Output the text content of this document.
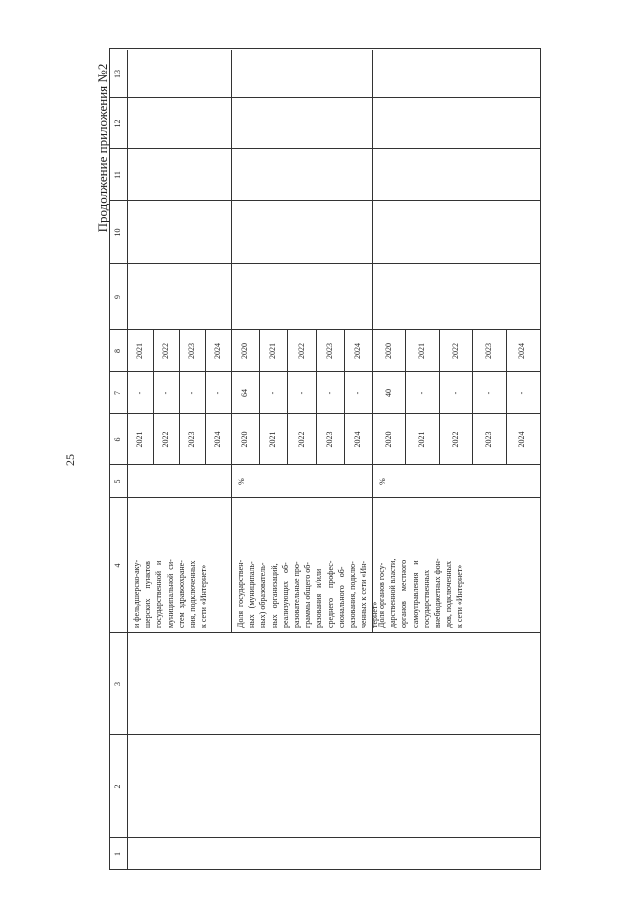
25
Продолжение приложения №2
1
2
3
4
5
6
7
8
9
10
11
12
13
и фельдшерско-аку- шерских     пунктов государственной   и муниципальной  си- стем  здравоохране- ния, подключенных к сети «Интернет»
2021
-
2021
2022
-
2022
2023
-
2023
2024
-
2024
Доля  государствен- ных   (муниципаль- ных) образователь- ных   организаций, реализующих    об- разовательные про- граммы общего об- разования   и/или среднего     профес- сионального    об- разования, подклю- ченных к сети «Ин- тернет»
%
2020
64
2020
2021
-
2021
2022
-
2022
2023
-
2023
2024
-
2024
Доля органов госу- дарственной власти, органов     местного самоуправления    и государственных внебюджетных фон- дов, подключенных к сети «Интернет»
%
2020
40
2020
2021
-
2021
2022
-
2022
2023
-
2023
2024
-
2024
